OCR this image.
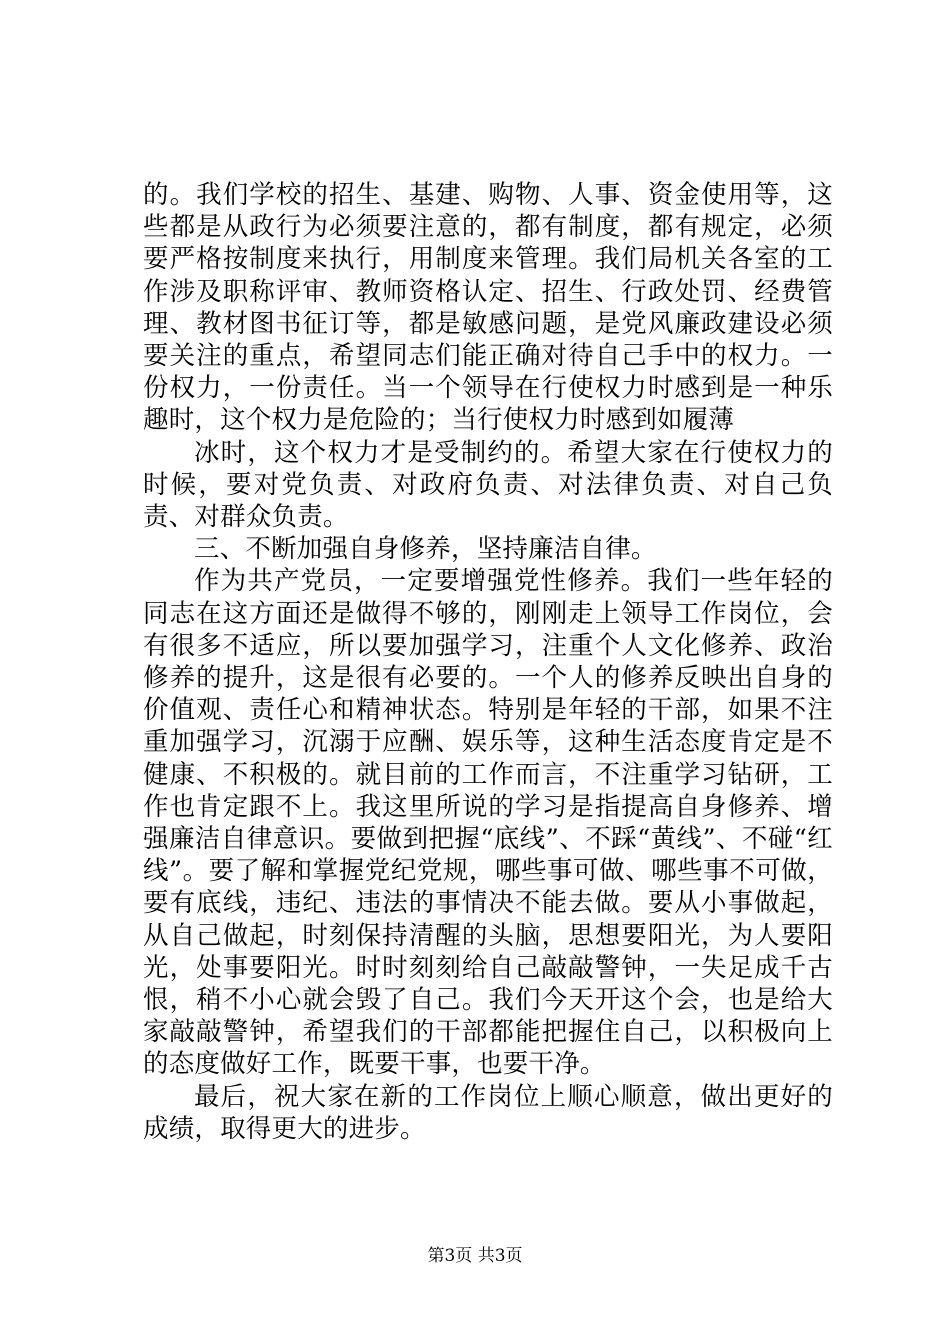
的。我们学校的招生、基建、购物、人事、资金使用等，这些都是从政行为必须要注意的，都有制度，都有规定，必须要严格按制度来执行，用制度来管理。我们局机关各室的工作涉及职称评审、教师资格认定、招生、行政处罚、经费管理、教材图书征订等，都是敏感问题，是党风廉政建设必须要关注的重点，希望同志们能正确对待自己手中的权力。一份权力，一份责任。当一个领导在行使权力时感到是一种乐趣时，这个权力是危险的；当行使权力时感到如履薄

冰时，这个权力才是受制约的。希望大家在行使权力的时候，要对党负责、对政府负责、对法律负责、对自己负责、对群众负责。

三、不断加强自身修养，坚持廉洁自律。

作为共产党员，一定要增强党性修养。我们一些年轻的同志在这方面还是做得不够的，刚刚走上领导工作岗位，会有很多不适应，所以要加强学习，注重个人文化修养、政治修养的提升，这是很有必要的。一个人的修养反映出自身的价值观、责任心和精神状态。特别是年轻的干部，如果不注重加强学习，沉溺于应酬、娱乐等，这种生活态度肯定是不健康、不积极的。就目前的工作而言，不注重学习钻研，工作也肯定跟不上。我这里所说的学习是指提高自身修养、增强廉洁自律意识。要做到把握“底线”、不踩“黄线”、不碰“红线”。要了解和掌握党纪党规，哪些事可做、哪些事不可做，要有底线，违纪、违法的事情决不能去做。要从小事做起，从自己做起，时刻保持清醒的头脑，思想要阳光，为人要阳光，处事要阳光。时时刻刻给自己敲敲警钟，一失足成千古恨，稍不小心就会毁了自己。我们今天开这个会，也是给大家敲敲警钟，希望我们的干部都能把握住自己，以积极向上的态度做好工作，既要干事，也要干净。

最后，祝大家在新的工作岗位上顺心顺意，做出更好的成绩，取得更大的进步。

第3页 共3页
